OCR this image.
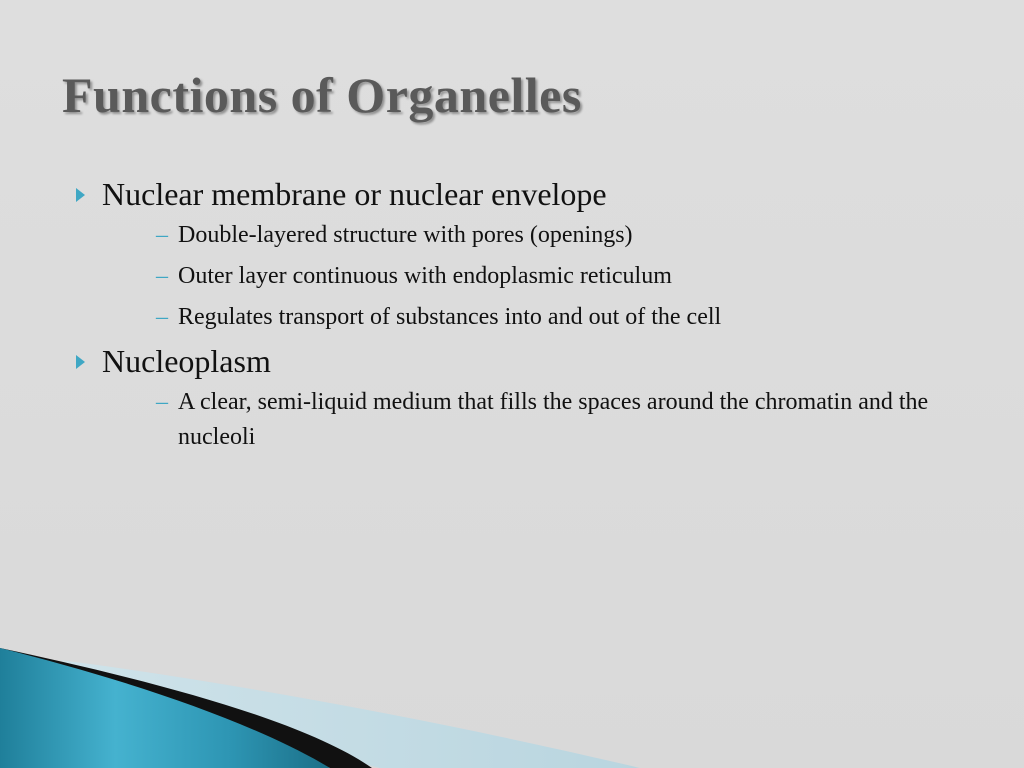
Functions of Organelles
Nuclear membrane or nuclear envelope
– Double-layered structure with pores (openings)
– Outer layer continuous with endoplasmic reticulum
– Regulates transport of substances into and out of the cell
Nucleoplasm
– A clear, semi-liquid medium that fills the spaces around the chromatin and the nucleoli
